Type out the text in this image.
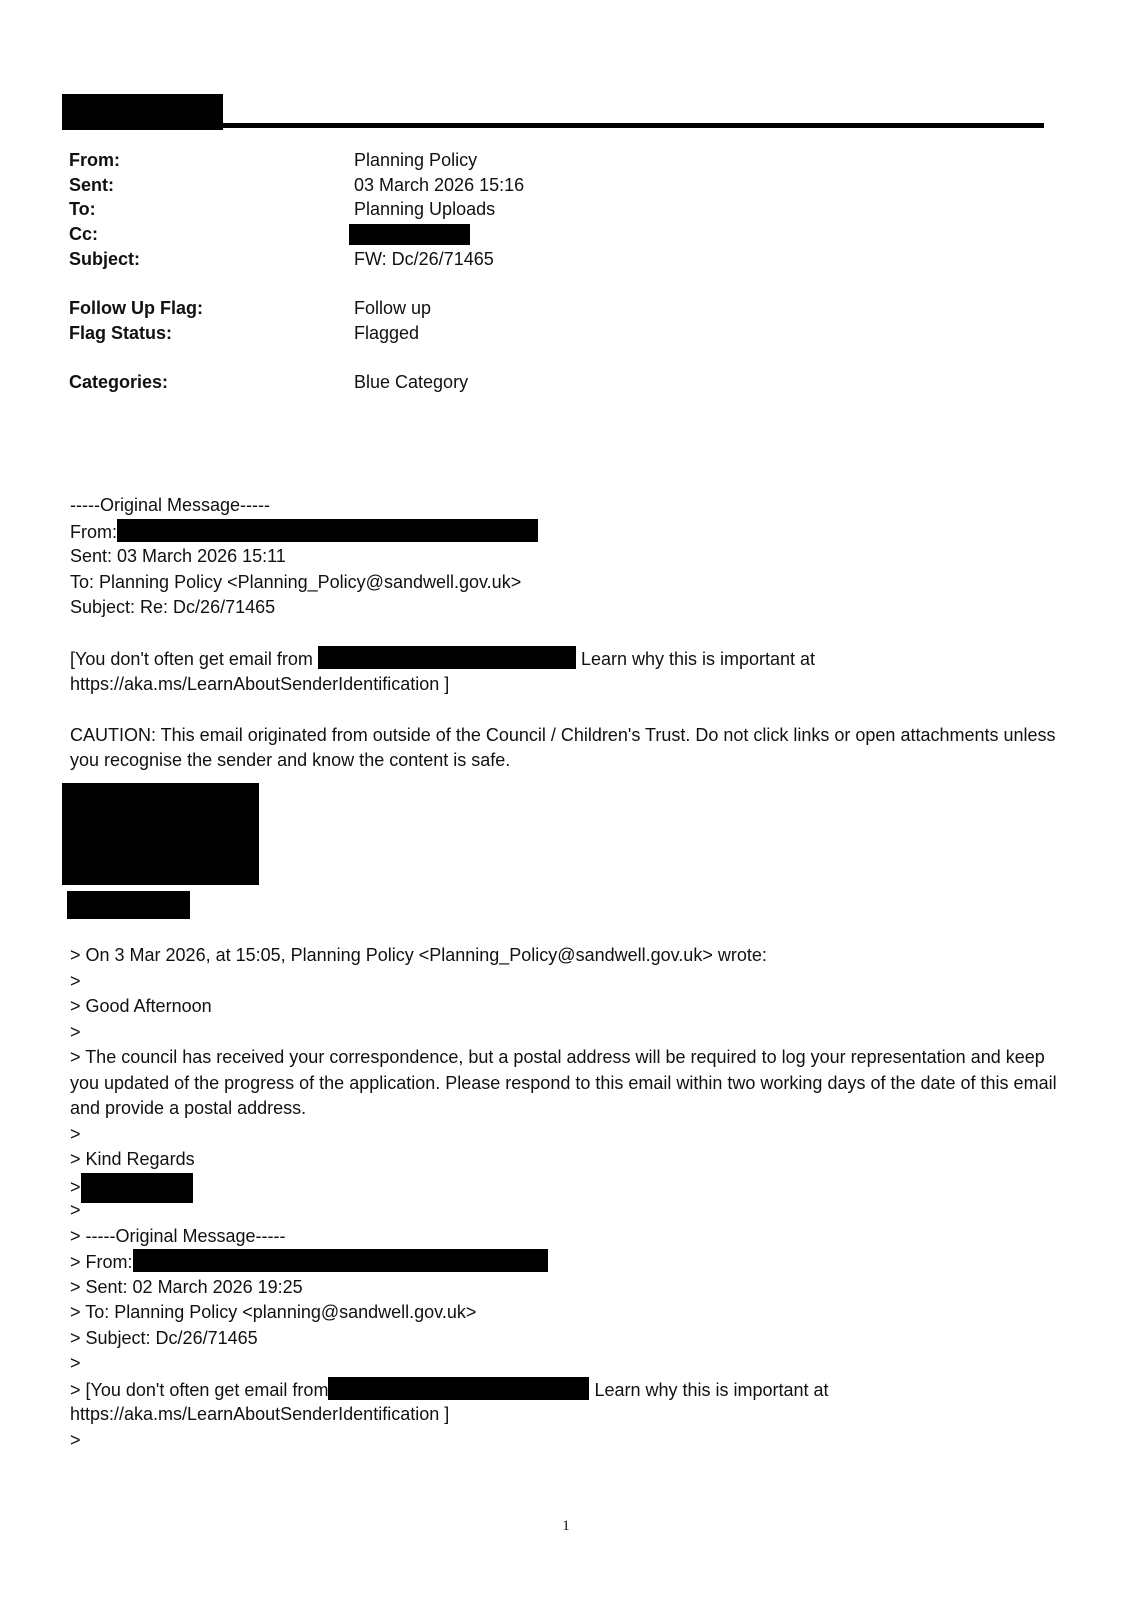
From:
Sent:
To:
Cc:
Subject:
Follow Up Flag:
Flag Status:
Categories:
Planning Policy
03 March 2026 15:16
Planning Uploads
FW: Dc/26/71465
Follow up
Flagged
Blue Category
-----Original Message-----
From:
Sent: 03 March 2026 15:11
To: Planning Policy <Planning_Policy@sandwell.gov.uk>
Subject: Re: Dc/26/71465
[You don't often get email from	Learn why this is important at
https://aka.ms/LearnAboutSenderIdentification ]
CAUTION: This email originated from outside of the Council / Children's Trust. Do not click links or open attachments unless you recognise the sender and know the content is safe.
> On 3 Mar 2026, at 15:05, Planning Policy <Planning_Policy@sandwell.gov.uk> wrote:
>
> Good Afternoon
>
> The council has received your correspondence, but a postal address will be required to log your representation and keep you updated of the progress of the application. Please respond to this email within two working days of the date of this email and provide a postal address.
>
> Kind Regards
>
>
> -----Original Message-----
> From:
> Sent: 02 March 2026 19:25
> To: Planning Policy <planning@sandwell.gov.uk>
> Subject: Dc/26/71465
>
> [You don't often get email from	Learn why this is important at
https://aka.ms/LearnAboutSenderIdentification ]
>
1
